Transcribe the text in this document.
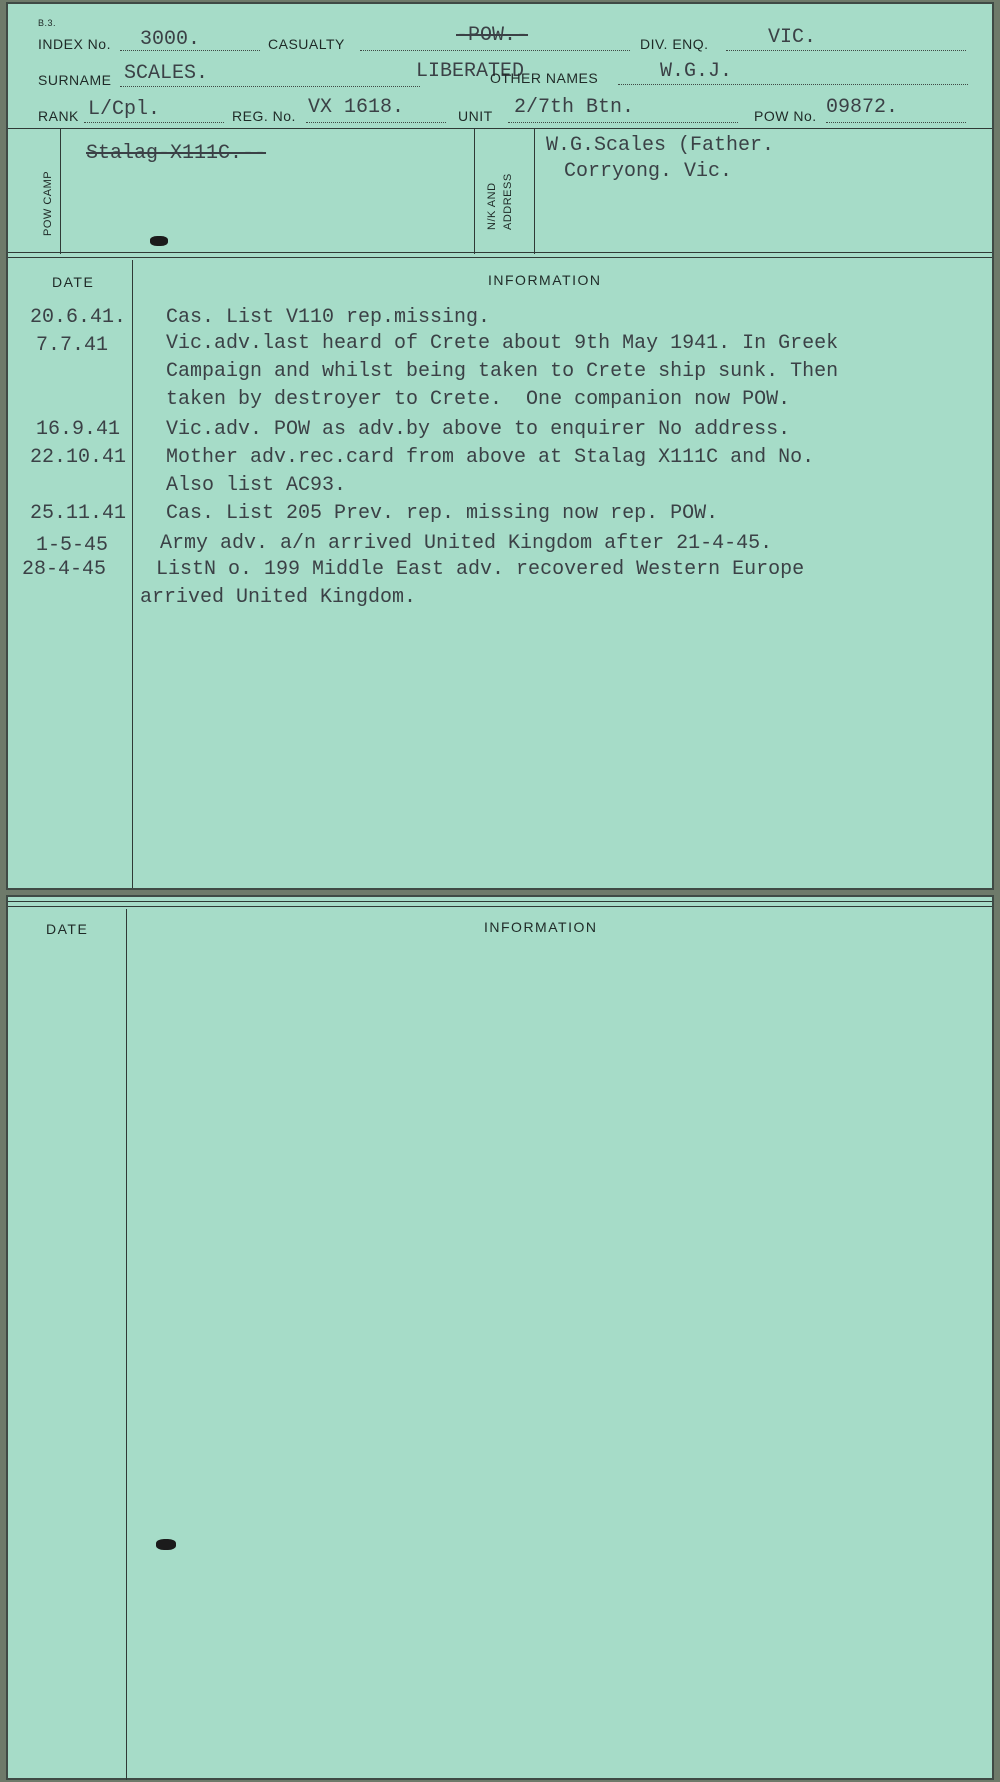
B.3.
INDEX No. 3000.	CASUALTY	-POW.-	DIV. ENQ.	VIC.
SURNAME SCALES.	LIBERATED
OTHER NAMES	W.G.J.
RANK L/Cpl.	REG. No. VX 1618.	UNIT 2/7th Btn.	POW No. 09872.
POW CAMP
Stalag-X111C.--
N/K AND ADDRESS
W.G.Scales (Father.
Corryong. Vic.
DATE	INFORMATION
20.6.41. Cas. List V110 rep.missing.
7.7.41	Vic.adv.last heard of Crete about 9th May 1941. In Greek
Campaign and whilst being taken to Crete ship sunk. Then
taken by destroyer to Crete.  One companion now POW.
16.9.41 Vic.adv. POW as adv.by above to enquirer No address.
22.10.41 Mother adv.rec.card from above at Stalag X111C and No.
Also list AC93.
25.11.41 Cas. List 205 Prev. rep. missing now rep. POW.
1-5-45	Army adv. a/n arrived United Kingdom after 21-4-45.
28-4-45 ListN o. 199 Middle East adv. recovered Western Europe
arrived United Kingdom.
DATE	INFORMATION
